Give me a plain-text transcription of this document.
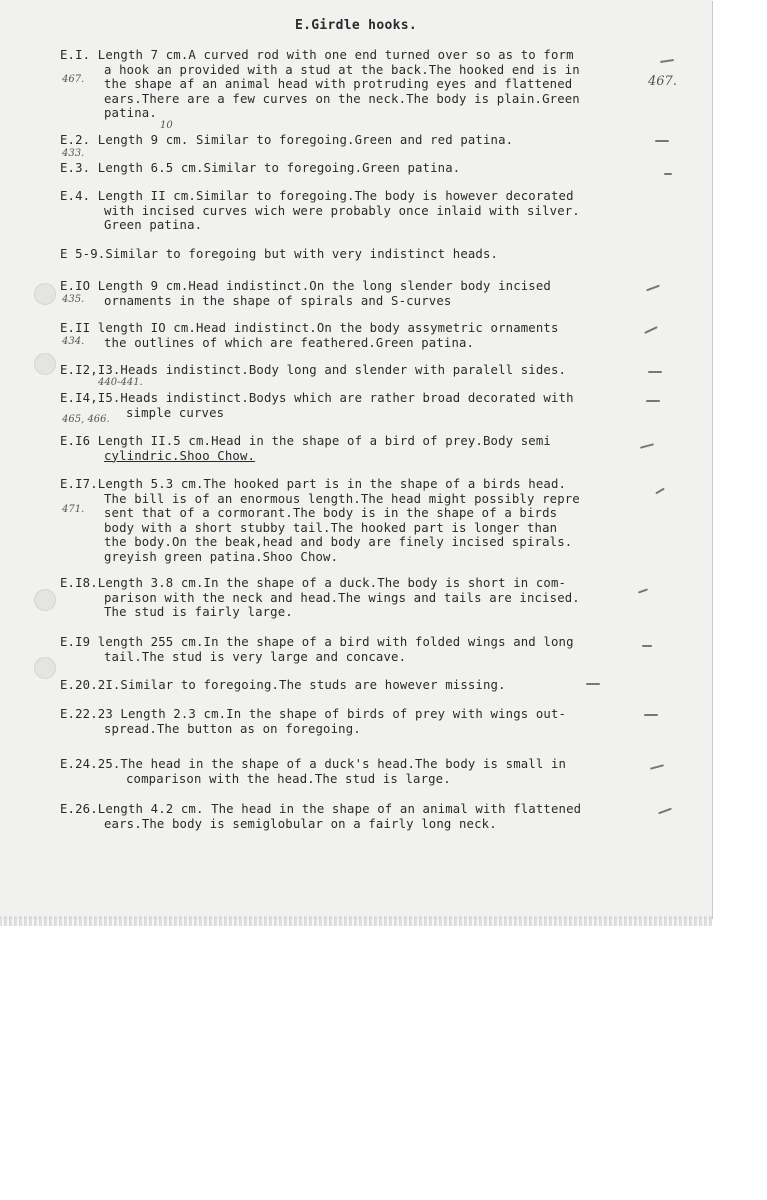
E.Girdle hooks.
E.I. Length 7 cm.A curved rod with one end turned over so as to form
a hook an provided with a stud at the back.The hooked end is in
the shape af an animal head with protruding eyes and flattened
ears.There are a few curves on the neck.The body is plain.Green
patina.
E.2. Length 9 cm. Similar to foregoing.Green and red patina.
E.3. Length 6.5 cm.Similar to foregoing.Green patina.
E.4. Length II cm.Similar to foregoing.The body is however decorated
with incised curves wich were probably once inlaid with silver.
Green patina.
E 5-9.Similar to foregoing but with very indistinct heads.
E.IO Length 9 cm.Head indistinct.On the long slender body incised
ornaments in the shape of spirals and S-curves
E.II length IO cm.Head indistinct.On the body assymetric ornaments
the outlines of which are feathered.Green patina.
E.I2,I3.Heads indistinct.Body long and slender with paralell sides.
E.I4,I5.Heads indistinct.Bodys which are rather broad decorated with
simple curves
E.I6 Length II.5 cm.Head in the shape of a bird of prey.Body semi
cylindric.Shoo Chow.
E.I7.Length 5.3 cm.The hooked part is in the shape of a birds head.
The bill is of an enormous length.The head might possibly repre
sent that of a cormorant.The body is in the shape of a birds
body with a short stubby tail.The hooked part is longer than
the body.On the beak,head and body are finely incised spirals.
greyish green patina.Shoo Chow.
E.I8.Length 3.8 cm.In the shape of a duck.The body is short in com-
parison with the neck and head.The wings and tails are incised.
The stud is fairly large.
E.I9 length 255 cm.In the shape of a bird with folded wings and long
tail.The stud is very large and concave.
E.20.2I.Similar to foregoing.The studs are however missing.
E.22.23 Length 2.3 cm.In the shape of birds of prey with wings out-
spread.The button as on foregoing.
E.24.25.The head in the shape of a duck's head.The body is small in
comparison with the head.The stud is large.
E.26.Length 4.2 cm. The head in the shape of an animal with flattened
ears.The body is semiglobular on a fairly long neck.
467.	467.
10
433.
435.
434.
440-441.
465, 466.
471.
